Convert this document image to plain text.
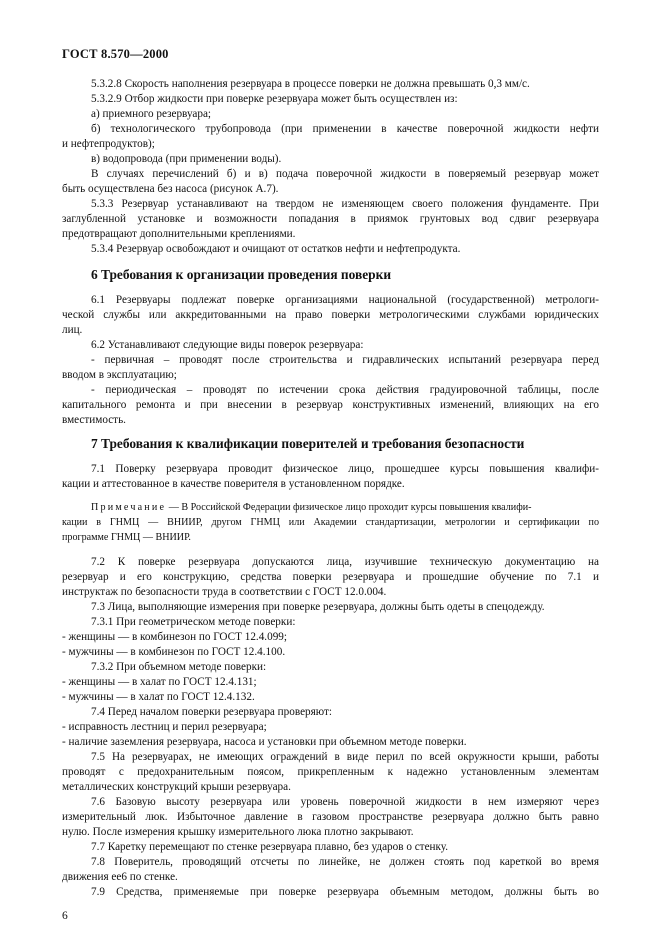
ГОСТ 8.570—2000
5.3.2.8 Скорость наполнения резервуара в процессе поверки не должна превышать 0,3 мм/с.
5.3.2.9 Отбор жидкости при поверке резервуара может быть осуществлен из:
а) приемного резервуара;
б) технологического трубопровода (при применении в качестве поверочной жидкости нефти
и нефтепродуктов);
в) водопровода (при применении воды).
В случаях перечислений б) и в) подача поверочной жидкости в поверяемый резервуар может
быть осуществлена без насоса (рисунок А.7).
5.3.3 Резервуар устанавливают на твердом не изменяющем своего положения фундаменте. При
заглубленной установке и возможности попадания в приямок грунтовых вод сдвиг резервуара
предотвращают дополнительными креплениями.
5.3.4 Резервуар освобождают и очищают от остатков нефти и нефтепродукта.
6 Требования к организации проведения поверки
6.1 Резервуары подлежат поверке организациями национальной (государственной) метрологи-
ческой службы или аккредитованными на право поверки метрологическими службами юридических
лиц.
6.2 Устанавливают следующие виды поверок резервуара:
- первичная – проводят после строительства и гидравлических испытаний резервуара перед
вводом в эксплуатацию;
- периодическая – проводят по истечении срока действия градуировочной таблицы, после
капитального ремонта и при внесении в резервуар конструктивных изменений, влияющих на его
вместимость.
7 Требования к квалификации поверителей и требования безопасности
7.1 Поверку резервуара проводит физическое лицо, прошедшее курсы повышения квалифи-
кации и аттестованное в качестве поверителя в установленном порядке.
Примечание — В Российской Федерации физическое лицо проходит курсы повышения квалифи-
кации в ГНМЦ — ВНИИР, другом ГНМЦ или Академии стандартизации, метрологии и сертификации по
программе ГНМЦ — ВНИИР.
7.2 К поверке резервуара допускаются лица, изучившие техническую документацию на
резервуар и его конструкцию, средства поверки резервуара и прошедшие обучение по 7.1 и
инструктаж по безопасности труда в соответствии с ГОСТ 12.0.004.
7.3 Лица, выполняющие измерения при поверке резервуара, должны быть одеты в спецодежду.
7.3.1 При геометрическом методе поверки:
- женщины — в комбинезон по ГОСТ 12.4.099;
- мужчины — в комбинезон по ГОСТ 12.4.100.
7.3.2 При объемном методе поверки:
- женщины — в халат по ГОСТ 12.4.131;
- мужчины — в халат по ГОСТ 12.4.132.
7.4 Перед началом поверки резервуара проверяют:
- исправность лестниц и перил резервуара;
- наличие заземления резервуара, насоса и установки при объемном методе поверки.
7.5 На резервуарах, не имеющих ограждений в виде перил по всей окружности крыши, работы
проводят с предохранительным поясом, прикрепленным к надежно установленным элементам
металлических конструкций крыши резервуара.
7.6 Базовую высоту резервуара или уровень поверочной жидкости в нем измеряют через
измерительный люк. Избыточное давление в газовом пространстве резервуара должно быть равно
нулю. После измерения крышку измерительного люка плотно закрывают.
7.7 Каретку перемещают по стенке резервуара плавно, без ударов о стенку.
7.8 Поверитель, проводящий отсчеты по линейке, не должен стоять под кареткой во время
движения ее6 по стенке.
7.9 Средства, применяемые при поверке резервуара объемным методом, должны быть во
6
